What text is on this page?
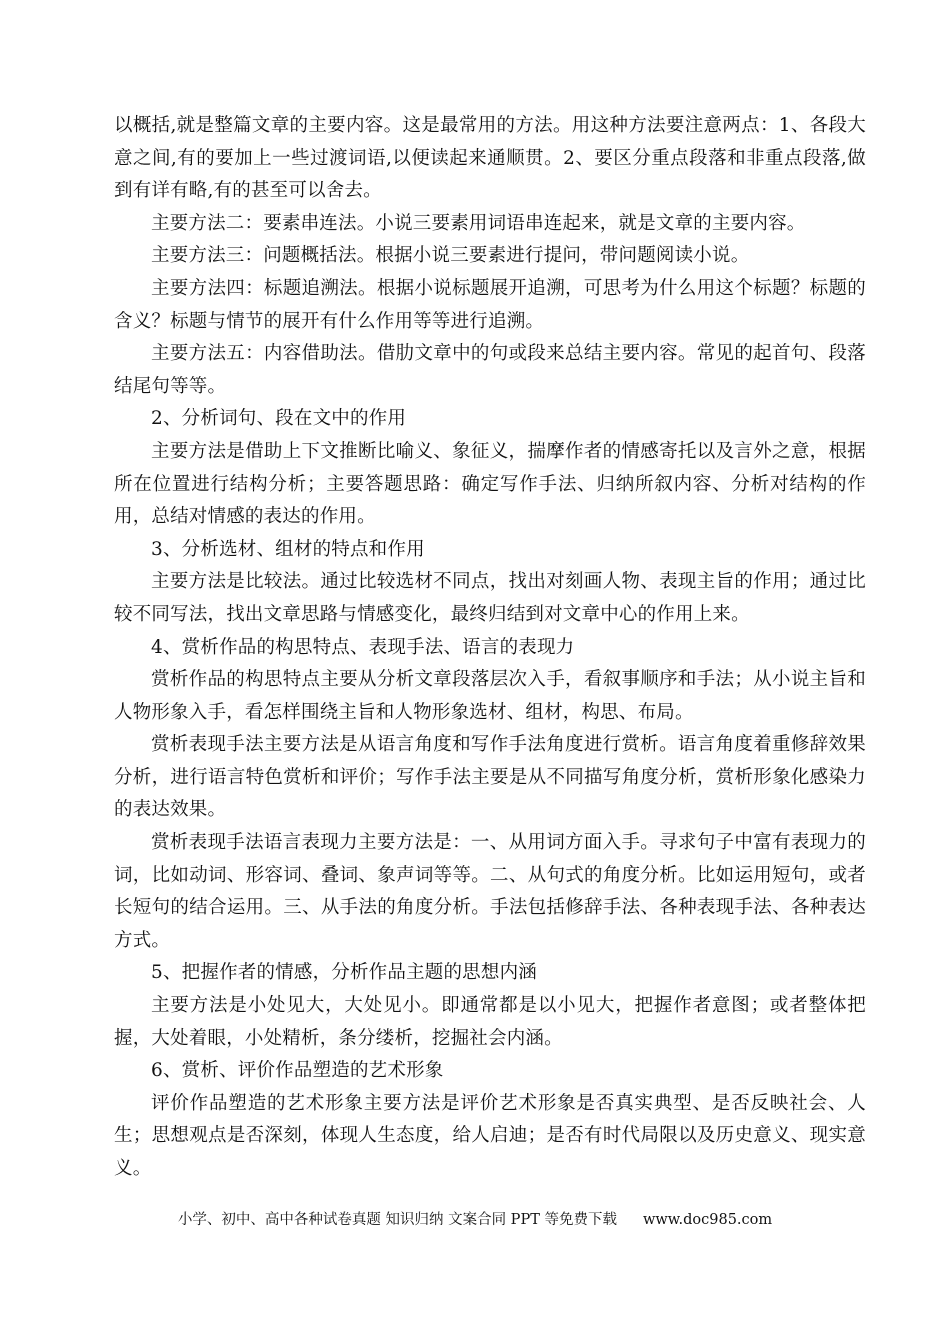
以概括,就是整篇文章的主要内容。这是最常用的方法。用这种方法要注意两点：1、各段大意之间,有的要加上一些过渡词语,以便读起来通顺贯。2、要区分重点段落和非重点段落,做到有详有略,有的甚至可以舍去。

主要方法二：要素串连法。小说三要素用词语串连起来，就是文章的主要内容。

主要方法三：问题概括法。根据小说三要素进行提问，带问题阅读小说。

主要方法四：标题追溯法。根据小说标题展开追溯，可思考为什么用这个标题？标题的含义？标题与情节的展开有什么作用等等进行追溯。

主要方法五：内容借助法。借肋文章中的句或段来总结主要内容。常见的起首句、段落结尾句等等。

2、分析词句、段在文中的作用

主要方法是借助上下文推断比喻义、象征义，揣摩作者的情感寄托以及言外之意，根据所在位置进行结构分析；主要答题思路：确定写作手法、归纳所叙内容、分析对结构的作用，总结对情感的表达的作用。

3、分析选材、组材的特点和作用

主要方法是比较法。通过比较选材不同点，找出对刻画人物、表现主旨的作用；通过比较不同写法，找出文章思路与情感变化，最终归结到对文章中心的作用上来。

4、赏析作品的构思特点、表现手法、语言的表现力

赏析作品的构思特点主要从分析文章段落层次入手，看叙事顺序和手法；从小说主旨和人物形象入手，看怎样围绕主旨和人物形象选材、组材，构思、布局。

赏析表现手法主要方法是从语言角度和写作手法角度进行赏析。语言角度着重修辞效果分析，进行语言特色赏析和评价；写作手法主要是从不同描写角度分析，赏析形象化感染力的表达效果。

赏析表现手法语言表现力主要方法是：一、从用词方面入手。寻求句子中富有表现力的词，比如动词、形容词、叠词、象声词等等。二、从句式的角度分析。比如运用短句，或者长短句的结合运用。三、从手法的角度分析。手法包括修辞手法、各种表现手法、各种表达方式。

5、把握作者的情感，分析作品主题的思想内涵

主要方法是小处见大，大处见小。即通常都是以小见大，把握作者意图；或者整体把握，大处着眼，小处精析，条分缕析，挖掘社会内涵。

6、赏析、评价作品塑造的艺术形象

评价作品塑造的艺术形象主要方法是评价艺术形象是否真实典型、是否反映社会、人生；思想观点是否深刻，体现人生态度，给人启迪；是否有时代局限以及历史意义、现实意义。

小学、初中、高中各种试卷真题 知识归纳 文案合同 PPT 等免费下载 www.doc985.com
